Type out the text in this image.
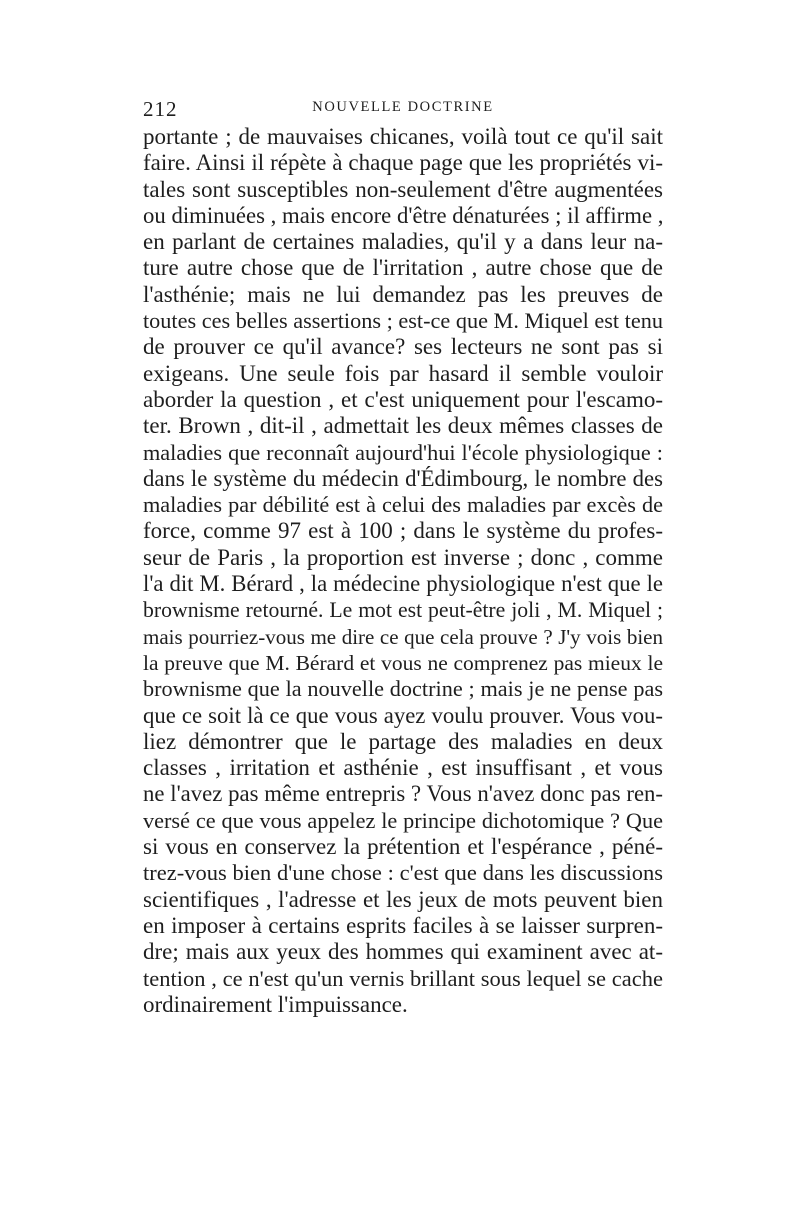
212	NOUVELLE DOCTRINE
portante ; de mauvaises chicanes, voilà tout ce qu'il sait
faire. Ainsi il répète à chaque page que les propriétés vi-
tales sont susceptibles non-seulement d'être augmentées
ou diminuées , mais encore d'être dénaturées ; il affirme ,
en parlant de certaines maladies, qu'il y a dans leur na-
ture autre chose que de l'irritation , autre chose que de
l'asthénie; mais ne lui demandez pas les preuves de
toutes ces belles assertions ; est-ce que M. Miquel est tenu
de prouver ce qu'il avance? ses lecteurs ne sont pas si
exigeans. Une seule fois par hasard il semble vouloir
aborder la question , et c'est uniquement pour l'escamo-
ter. Brown , dit-il , admettait les deux mêmes classes de
maladies que reconnaît aujourd'hui l'école physiologique :
dans le système du médecin d'Édimbourg, le nombre des
maladies par débilité est à celui des maladies par excès de
force, comme 97 est à 100 ; dans le système du profes-
seur de Paris , la proportion est inverse ; donc , comme
l'a dit M. Bérard , la médecine physiologique n'est que le
brownisme retourné. Le mot est peut-être joli , M. Miquel ;
mais pourriez-vous me dire ce que cela prouve ? J'y vois bien
la preuve que M. Bérard et vous ne comprenez pas mieux le
brownisme que la nouvelle doctrine ; mais je ne pense pas
que ce soit là ce que vous ayez voulu prouver. Vous vou-
liez démontrer que le partage des maladies en deux
classes , irritation et asthénie , est insuffisant , et vous
ne l'avez pas même entrepris ? Vous n'avez donc pas ren-
versé ce que vous appelez le principe dichotomique ? Que
si vous en conservez la prétention et l'espérance , péné-
trez-vous bien d'une chose : c'est que dans les discussions
scientifiques , l'adresse et les jeux de mots peuvent bien
en imposer à certains esprits faciles à se laisser surpren-
dre; mais aux yeux des hommes qui examinent avec at-
tention , ce n'est qu'un vernis brillant sous lequel se cache
ordinairement l'impuissance.
